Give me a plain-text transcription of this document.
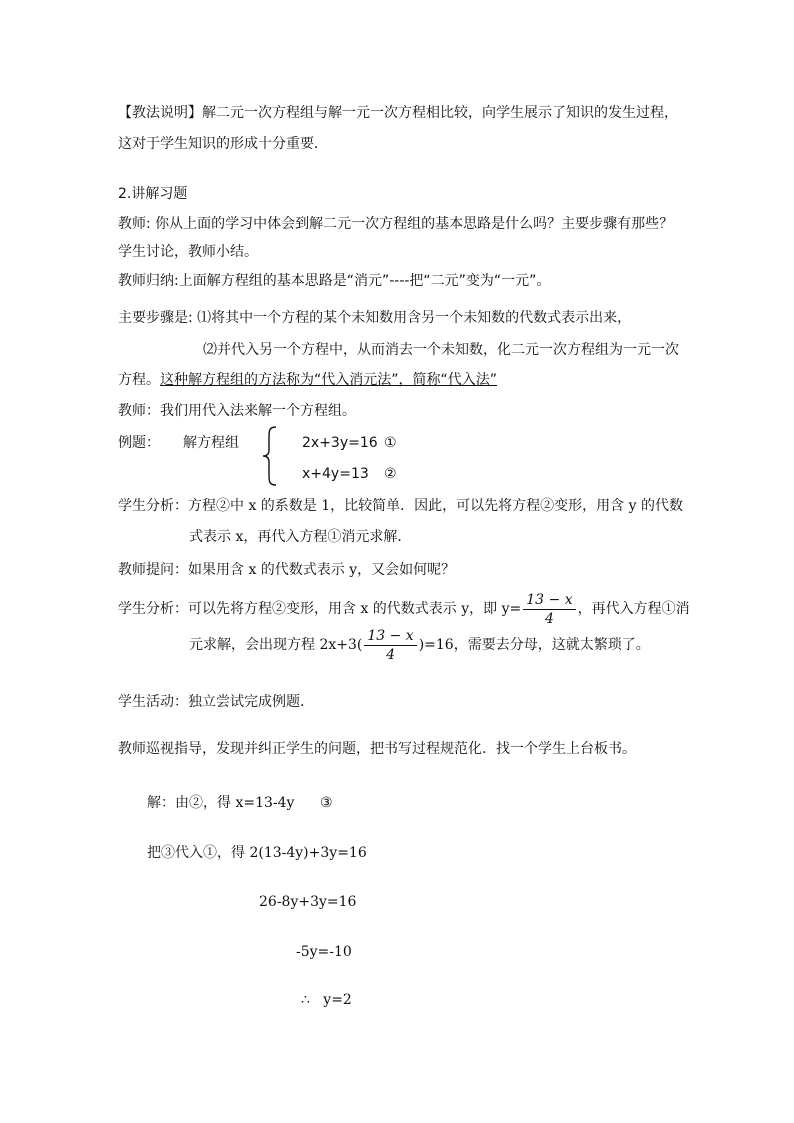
【教法说明】解二元一次方程组与解一元一次方程相比较，向学生展示了知识的发生过程，
这对于学生知识的形成十分重要．
2.讲解习题
教师: 你从上面的学习中体会到解二元一次方程组的基本思路是什么吗？主要步骤有那些？
学生讨论，教师小结。
教师归纳:上面解方程组的基本思路是“消元”----把“二元”变为“一元”。
主要步骤是: ⑴将其中一个方程的某个未知数用含另一个未知数的代数式表示出来，
⑵并代入另一个方程中，从而消去一个未知数，化二元一次方程组为一元一次
方程。这种解方程组的方法称为“代入消元法”，简称“代入法”
教师：我们用代入法来解一个方程组。
例题： 解方程组	2x+3y=16 ①
x+4y=13 ②
学生分析：方程②中 x 的系数是 1，比较简单．因此，可以先将方程②变形，用含 y 的代数
式表示 x，再代入方程①消元求解．
教师提问：如果用含 x 的代数式表示 y，又会如何呢？
学生分析：可以先将方程②变形，用含 x 的代数式表示 y，即 $y= \frac{13 - x}{4}$ ，再代入方程①消
元求解，会出现方程 $2x+3( \frac{13 - x}{4} )=16$，需要去分母，这就太繁琐了。
学生活动：独立尝试完成例题．
教师巡视指导，发现并纠正学生的问题，把书写过程规范化．找一个学生上台板书。
解：由②，得 x=13-4y ③
把③代入①，得 2(13-4y)+3y=16
26-8y+3y=16
-5y=-10
∴ y=2
